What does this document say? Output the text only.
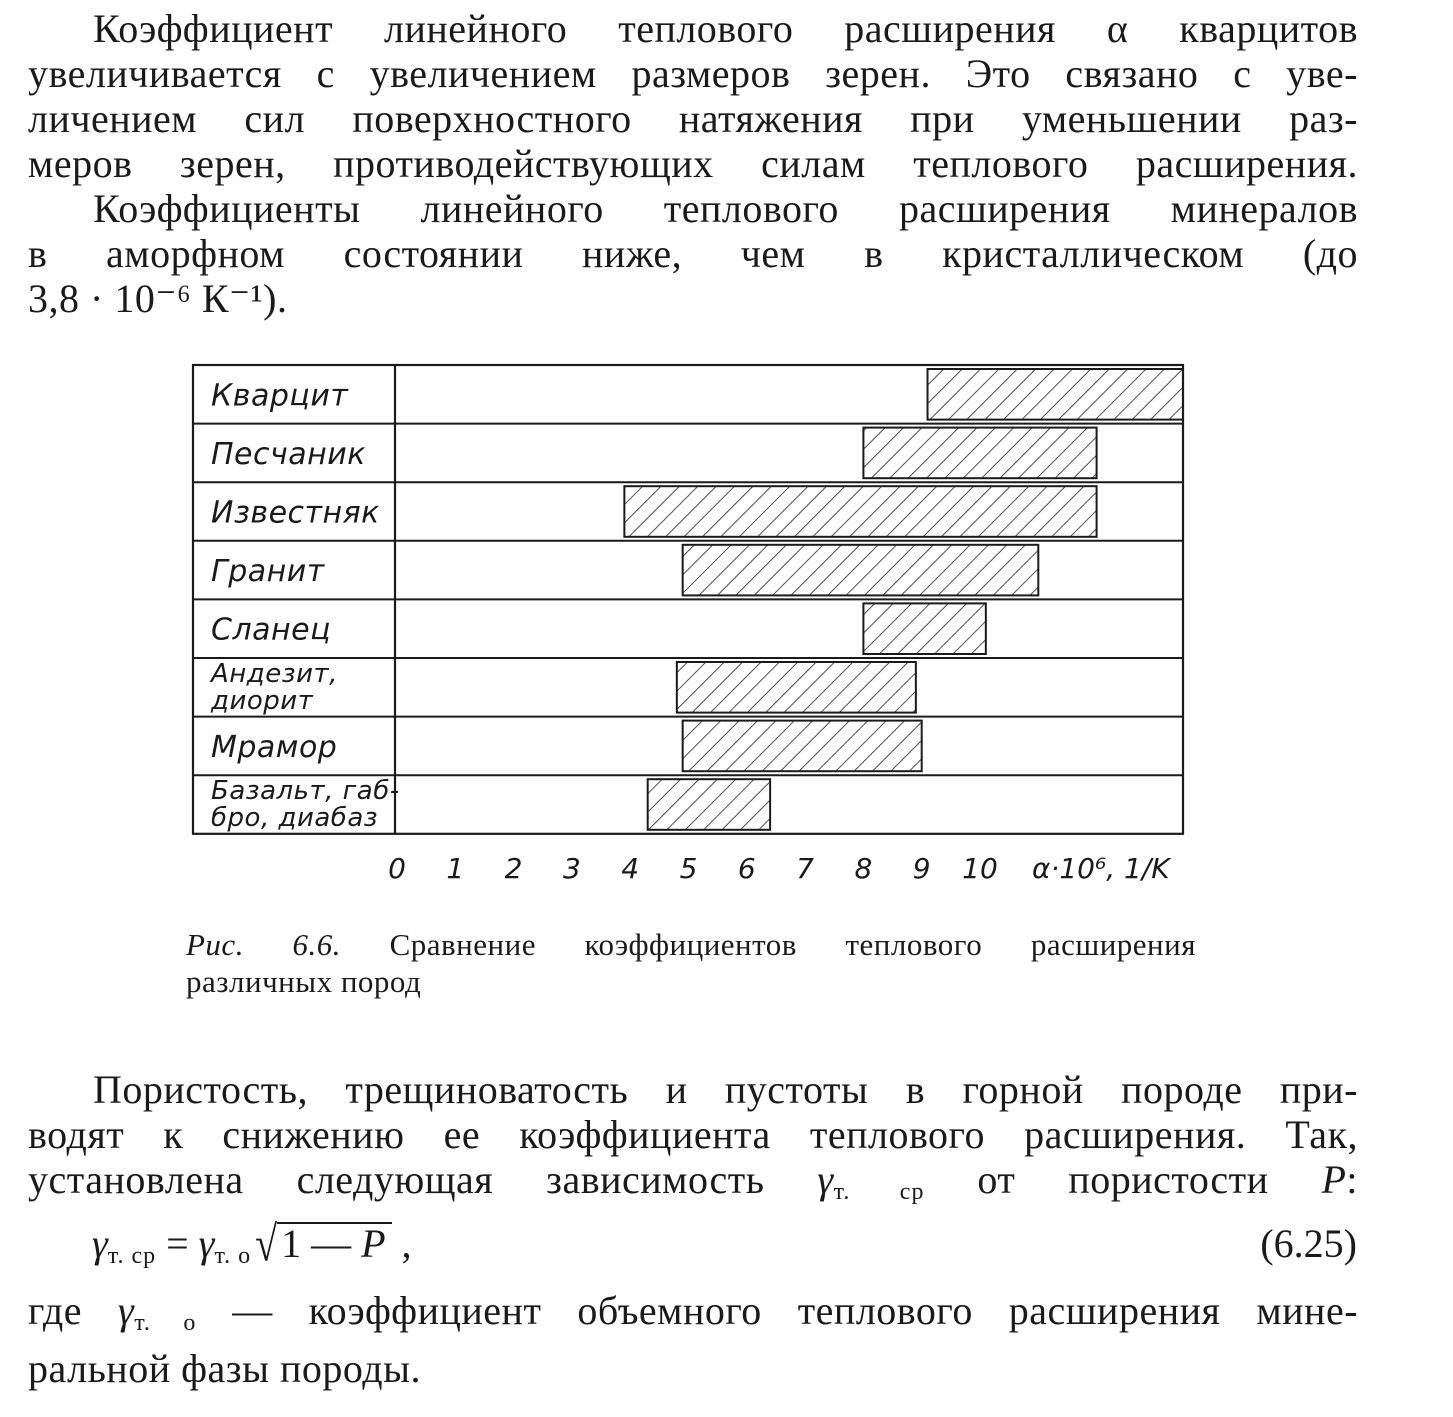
Коэффициент линейного теплового расширения α кварцитов
увеличивается с увеличением размеров зерен. Это связано с уве-
личением сил поверхностного натяжения при уменьшении раз-
меров зерен, противодействующих силам теплового расширения.
Коэффициенты линейного теплового расширения минералов
в аморфном состоянии ниже, чем в кристаллическом (до
3,8 · 10⁻⁶ К⁻¹).
Кварцит
Песчаник
Известняк
Гранит
Сланец
Андезит, диорит
Мрамор
Базальт, габ-бро, диабаз
0 1 2 3 4 5 6 7 8 9 10 α·10⁶, 1/K
Рис. 6.6. Сравнение коэффициентов теплового расширения
различных пород
Пористость, трещиноватость и пустоты в горной породе при-
водят к снижению ее коэффициента теплового расширения. Так,
установлена следующая зависимость $\gamma_{т. ср}$ от пористости P:
$\gamma_{т. ср} = \gamma_{т. о}$ √ 1 — P ,	(6.25)
где $\gamma_{т. о}$ — коэффициент объемного теплового расширения мине-
ральной фазы породы.
